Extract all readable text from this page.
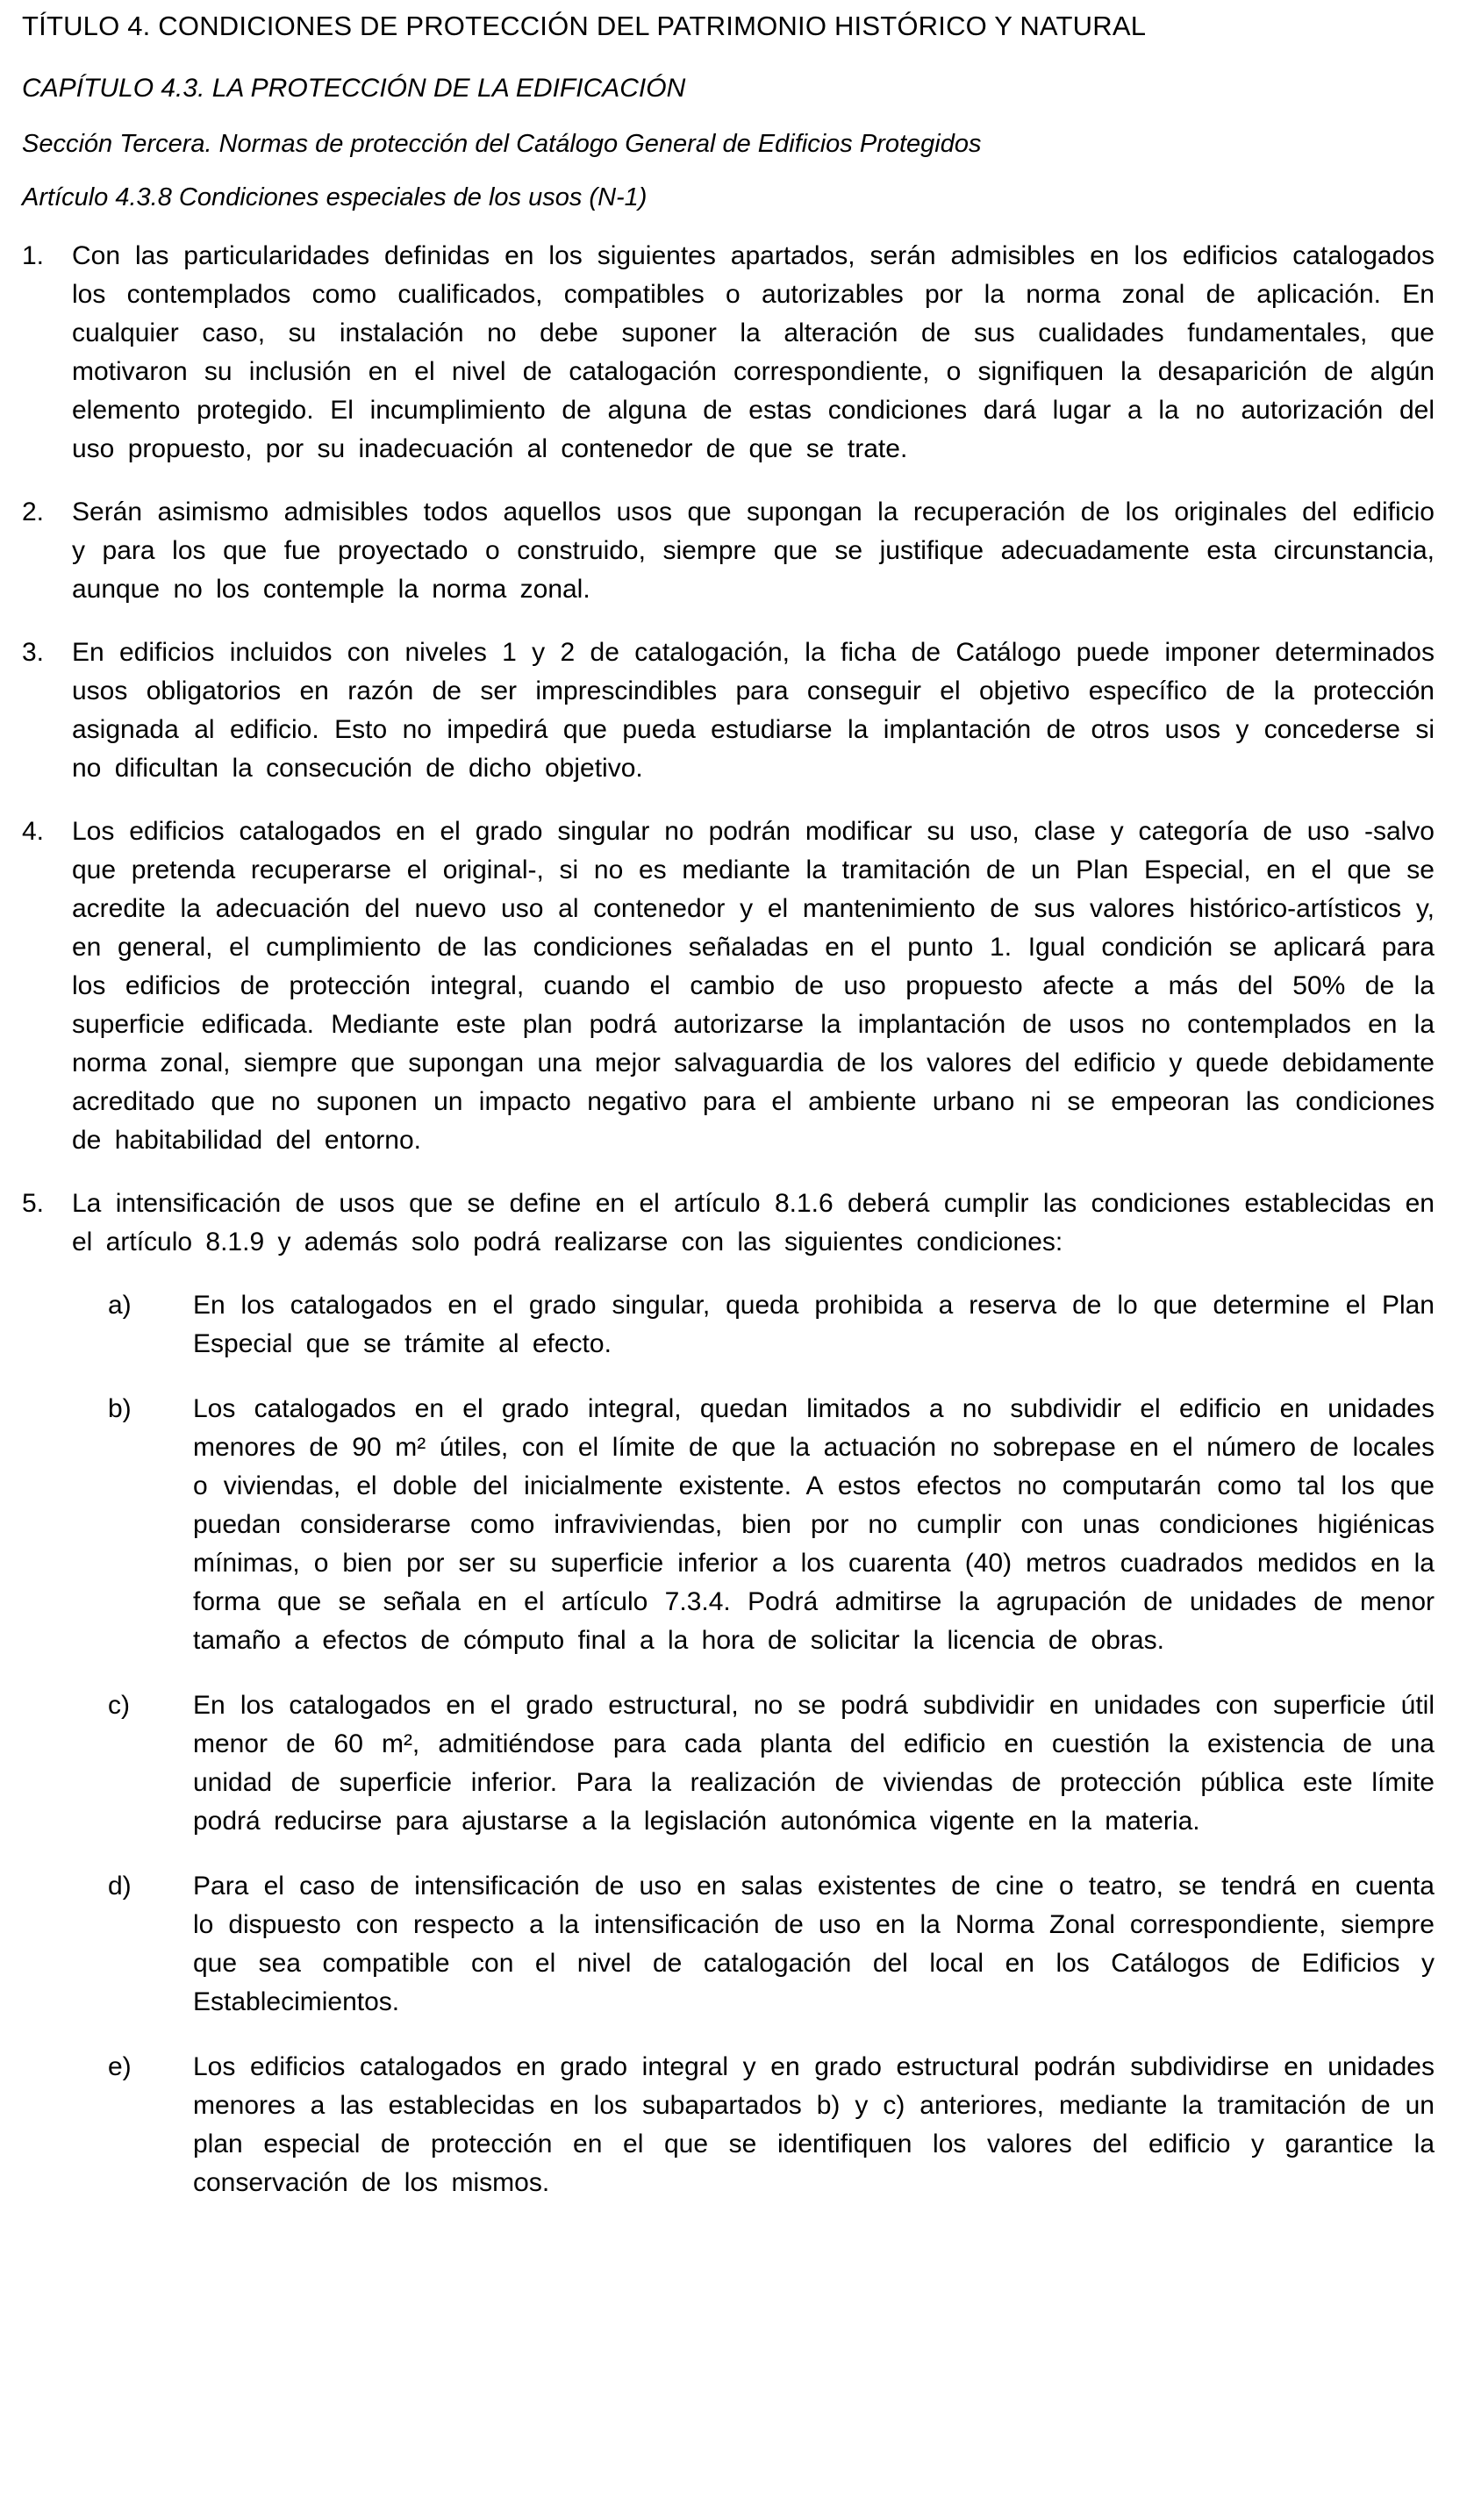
TÍTULO 4. CONDICIONES DE PROTECCIÓN DEL PATRIMONIO HISTÓRICO Y NATURAL
CAPÍTULO 4.3. LA PROTECCIÓN DE LA EDIFICACIÓN
Sección Tercera. Normas de protección del Catálogo General de Edificios Protegidos
Artículo 4.3.8 Condiciones especiales de los usos (N-1)
1.	Con las particularidades definidas en los siguientes apartados, serán admisibles en los edificios catalogados los contemplados como cualificados, compatibles o autorizables por la norma zonal de aplicación. En cualquier caso, su instalación no debe suponer la alteración de sus cualidades fundamentales, que motivaron su inclusión en el nivel de catalogación correspondiente, o signifiquen la desaparición de algún elemento protegido. El incumplimiento de alguna de estas condiciones dará lugar a la no autorización del uso propuesto, por su inadecuación al contenedor de que se trate.

2.	Serán asimismo admisibles todos aquellos usos que supongan la recuperación de los originales del edificio y para los que fue proyectado o construido, siempre que se justifique adecuadamente esta circunstancia, aunque no los contemple la norma zonal.

3.	En edificios incluidos con niveles 1 y 2 de catalogación, la ficha de Catálogo puede imponer determinados usos obligatorios en razón de ser imprescindibles para conseguir el objetivo específico de la protección asignada al edificio. Esto no impedirá que pueda estudiarse la implantación de otros usos y concederse si no dificultan la consecución de dicho objetivo.

4.	Los edificios catalogados en el grado singular no podrán modificar su uso, clase y categoría de uso -salvo que pretenda recuperarse el original-, si no es mediante la tramitación de un Plan Especial, en el que se acredite la adecuación del nuevo uso al contenedor y el mantenimiento de sus valores histórico-artísticos y, en general, el cumplimiento de las condiciones señaladas en el punto 1. Igual condición se aplicará para los edificios de protección integral, cuando el cambio de uso propuesto afecte a más del 50% de la superficie edificada. Mediante este plan podrá autorizarse la implantación de usos no contemplados en la norma zonal, siempre que supongan una mejor salvaguardia de los valores del edificio y quede debidamente acreditado que no suponen un impacto negativo para el ambiente urbano ni se empeoran las condiciones de habitabilidad del entorno.

5.	La intensificación de usos que se define en el artículo 8.1.6 deberá cumplir las condiciones establecidas en el artículo 8.1.9 y además solo podrá realizarse con las siguientes condiciones:

a)	En los catalogados en el grado singular, queda prohibida a reserva de lo que determine el Plan Especial que se trámite al efecto.

b)	Los catalogados en el grado integral, quedan limitados a no subdividir el edificio en unidades menores de 90 m² útiles, con el límite de que la actuación no sobrepase en el número de locales o viviendas, el doble del inicialmente existente. A estos efectos no computarán como tal los que puedan considerarse como infraviviendas, bien por no cumplir con unas condiciones higiénicas mínimas, o bien por ser su superficie inferior a los cuarenta (40) metros cuadrados medidos en la forma que se señala en el artículo 7.3.4. Podrá admitirse la agrupación de unidades de menor tamaño a efectos de cómputo final a la hora de solicitar la licencia de obras.

c)	En los catalogados en el grado estructural, no se podrá subdividir en unidades con superficie útil menor de 60 m², admitiéndose para cada planta del edificio en cuestión la existencia de una unidad de superficie inferior. Para la realización de viviendas de protección pública este límite podrá reducirse para ajustarse a la legislación autonómica vigente en la materia.

d)	Para el caso de intensificación de uso en salas existentes de cine o teatro, se tendrá en cuenta lo dispuesto con respecto a la intensificación de uso en la Norma Zonal correspondiente, siempre que sea compatible con el nivel de catalogación del local en los Catálogos de Edificios y Establecimientos.

e)	Los edificios catalogados en grado integral y en grado estructural podrán subdividirse en unidades menores a las establecidas en los subapartados b) y c) anteriores, mediante la tramitación de un plan especial de protección en el que se identifiquen los valores del edificio y garantice la conservación de los mismos.
